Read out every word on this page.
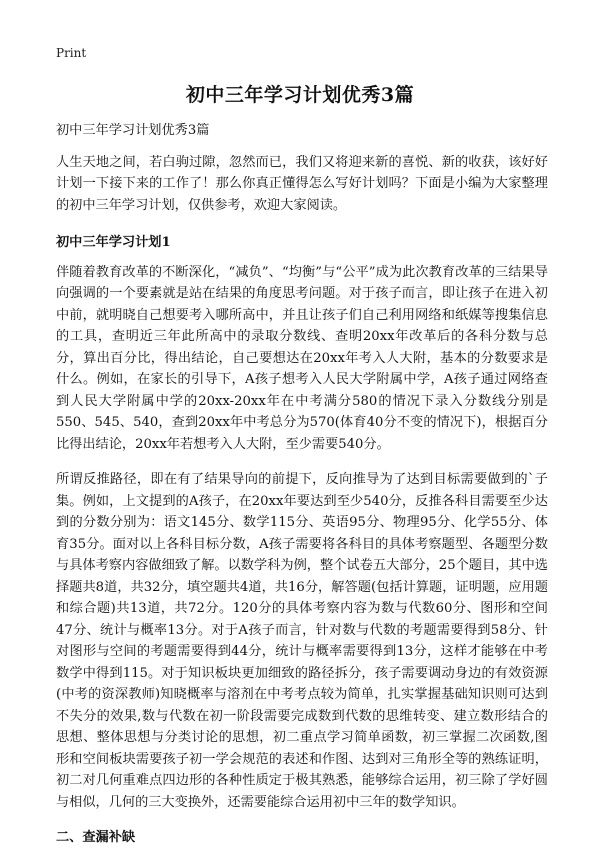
Print
初中三年学习计划优秀3篇

初中三年学习计划优秀3篇

人生天地之间，若白驹过隙，忽然而已，我们又将迎来新的喜悦、新的收获，该好好计划一下接下来的工作了！那么你真正懂得怎么写好计划吗？下面是小编为大家整理的初中三年学习计划，仅供参考，欢迎大家阅读。

初中三年学习计划1

伴随着教育改革的不断深化，“减负”、“均衡”与“公平”成为此次教育改革的三结果导向强调的一个要素就是站在结果的角度思考问题。对于孩子而言，即让孩子在进入初中前，就明晓自己想要考入哪所高中，并且让孩子们自己利用网络和纸媒等搜集信息的工具，查明近三年此所高中的录取分数线、查明20xx年改革后的各科分数与总分，算出百分比，得出结论，自己要想达在20xx年考入人大附，基本的分数要求是什么。例如，在家长的引导下，A孩子想考入人民大学附属中学，A孩子通过网络查到人民大学附属中学的20xx-20xx年在中考满分580的情况下录入分数线分别是550、545、540，查到20xx年中考总分为570(体育40分不变的情况下)，根据百分比得出结论，20xx年若想考入人大附，至少需要540分。

所谓反推路径，即在有了结果导向的前提下，反向推导为了达到目标需要做到的`子集。例如，上文提到的A孩子，在20xx年要达到至少540分，反推各科目需要至少达到的分数分别为：语文145分、数学115分、英语95分、物理95分、化学55分、体育35分。面对以上各科目标分数，A孩子需要将各科目的具体考察题型、各题型分数与具体考察内容做细致了解。以数学科为例，整个试卷五大部分，25个题目，其中选择题共8道，共32分，填空题共4道，共16分，解答题(包括计算题，证明题，应用题和综合题)共13道，共72分。120分的具体考察内容为数与代数60分、图形和空间47分、统计与概率13分。对于A孩子而言，针对数与代数的考题需要得到58分、针对图形与空间的考题需要得到44分，统计与概率需要得到13分，这样才能够在中考数学中得到115。对于知识板块更加细致的路径拆分，孩子需要调动身边的有效资源(中考的资深教师)知晓概率与溶剂在中考考点较为简单，扎实掌握基础知识则可达到不失分的效果,数与代数在初一阶段需要完成数到代数的思维转变、建立数形结合的思想、整体思想与分类讨论的思想，初二重点学习简单函数，初三掌握二次函数,图形和空间板块需要孩子初一学会规范的表述和作图、达到对三角形全等的熟练证明，初二对几何重难点四边形的各种性质定于极其熟悉，能够综合运用，初三除了学好圆与相似，几何的三大变换外，还需要能综合运用初中三年的数学知识。

二、查漏补缺
